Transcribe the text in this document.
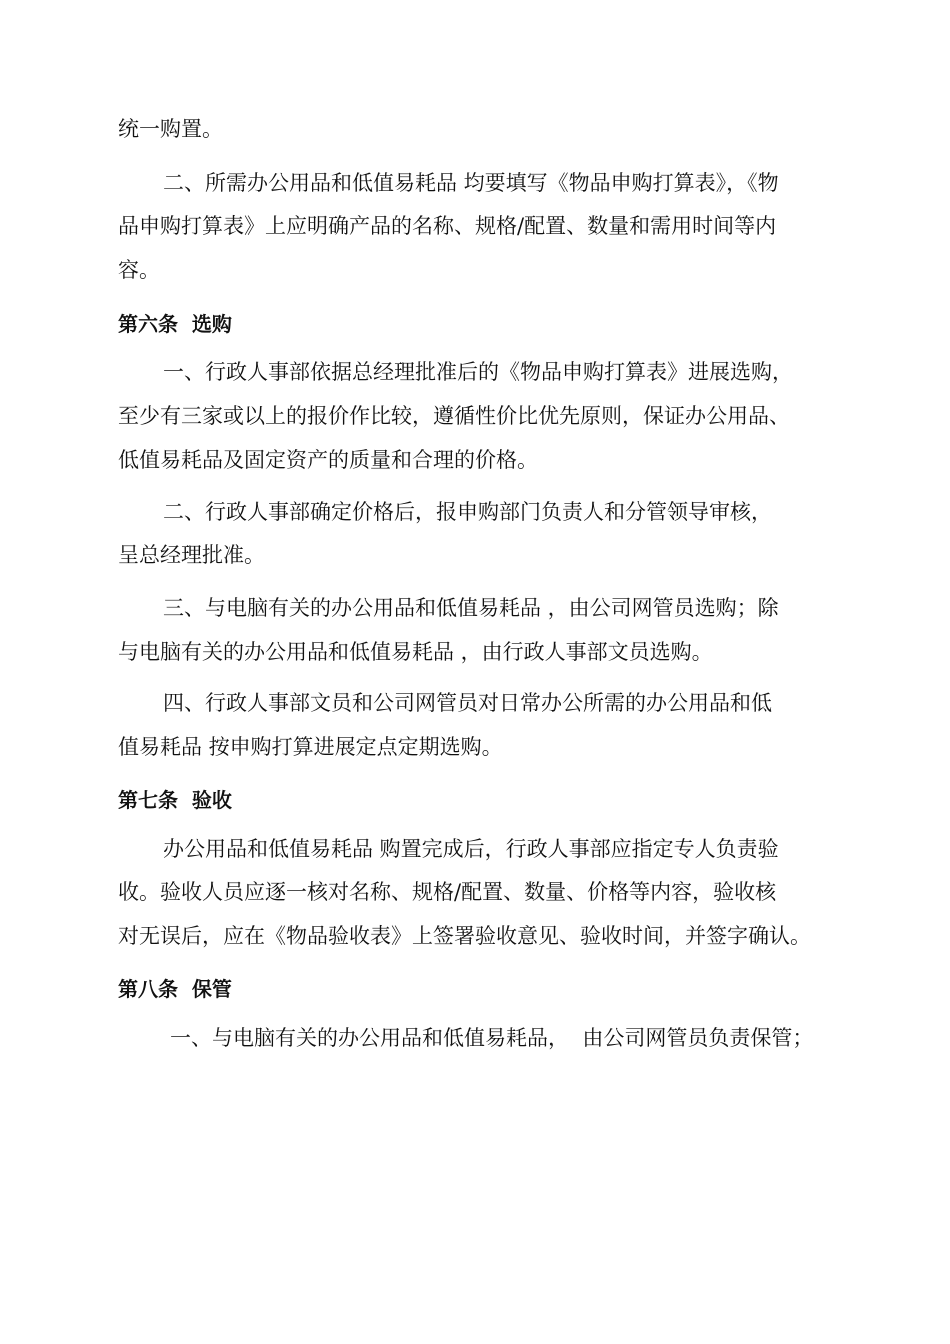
统一购置。
二、所需办公用品和低值易耗品 均要填写《物品申购打算表》，《物
品申购打算表》上应明确产品的名称、规格/配置、数量和需用时间等内
容。
第六条  选购
一、行政人事部依据总经理批准后的《物品申购打算表》进展选购，
至少有三家或以上的报价作比较，遵循性价比优先原则，保证办公用品、
低值易耗品及固定资产的质量和合理的价格。
二、行政人事部确定价格后，报申购部门负责人和分管领导审核，
呈总经理批准。
三、与电脑有关的办公用品和低值易耗品 ，由公司网管员选购；除
与电脑有关的办公用品和低值易耗品 ，由行政人事部文员选购。
四、行政人事部文员和公司网管员对日常办公所需的办公用品和低
值易耗品 按申购打算进展定点定期选购。
第七条  验收
办公用品和低值易耗品 购置完成后，行政人事部应指定专人负责验
收。验收人员应逐一核对名称、规格/配置、数量、价格等内容，验收核
对无误后，应在《物品验收表》上签署验收意见、验收时间，并签字确认。
第八条  保管
一、与电脑有关的办公用品和低值易耗品，  由公司网管员负责保管；
